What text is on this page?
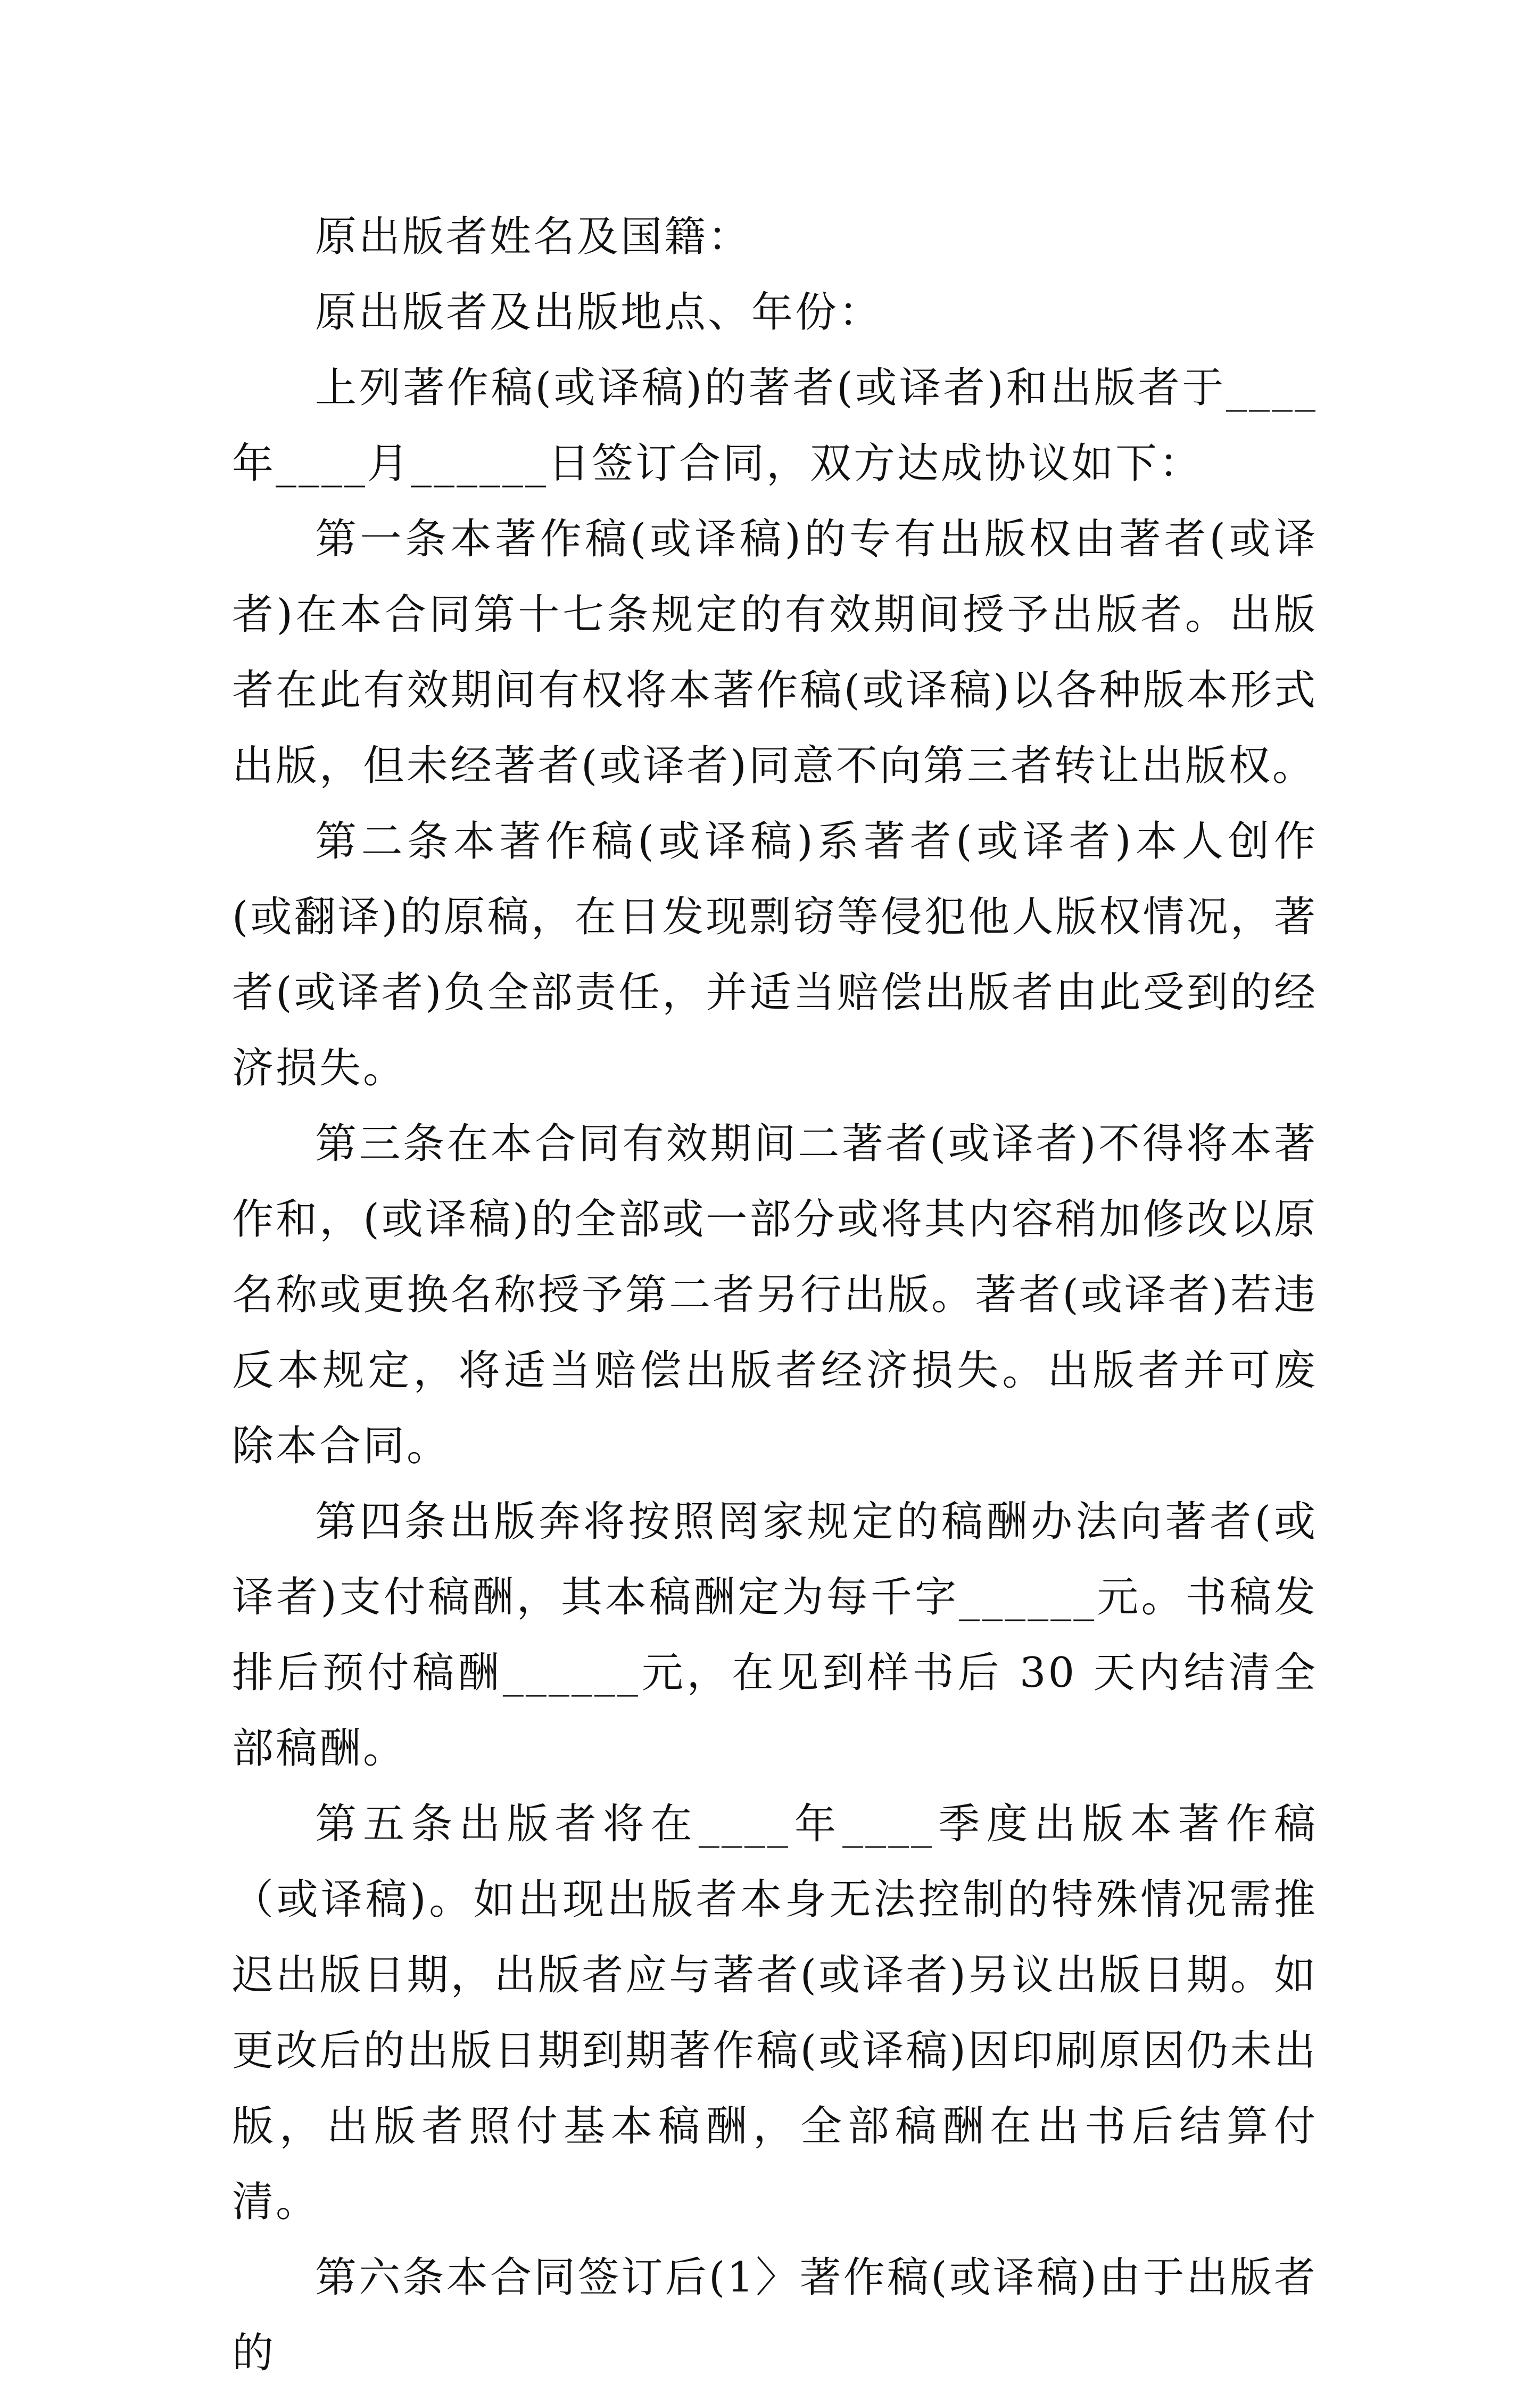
原出版者姓名及国籍：

原出版者及出版地点、年份：

上列著作稿(或译稿)的著者(或译者)和出版者于____年____月______日签订合同，双方达成协议如下：

第一条本著作稿(或译稿)的专有出版权由著者(或译者)在本合同第十七条规定的有效期间授予出版者。出版者在此有效期间有权将本著作稿(或译稿)以各种版本形式出版，但未经著者(或译者)同意不向第三者转让出版权。

第二条本著作稿(或译稿)系著者(或译者)本人创作(或翻译)的原稿，在日发现剽窃等侵犯他人版权情况，著者(或译者)负全部责任，并适当赔偿出版者由此受到的经济损失。

第三条在本合同有效期间二著者(或译者)不得将本著作和，(或译稿)的全部或一部分或将其内容稍加修改以原名称或更换名称授予第二者另行出版。著者(或译者)若违反本规定，将适当赔偿出版者经济损失。出版者并可废除本合同。

第四条出版奔将按照罔家规定的稿酬办法向著者(或译者)支付稿酬，其本稿酬定为每千字______元。书稿发排后预付稿酬______元，在见到样书后 30 天内结清全部稿酬。

第五条出版者将在____年____季度出版本著作稿（或译稿)。如出现出版者本身无法控制的特殊情况需推迟出版日期，出版者应与著者(或译者)另议出版日期。如更改后的出版日期到期著作稿(或译稿)因印刷原因仍未出版，出版者照付基本稿酬，全部稿酬在出书后结算付清。

第六条本合同签订后(1〉著作稿(或译稿)由于出版者的
